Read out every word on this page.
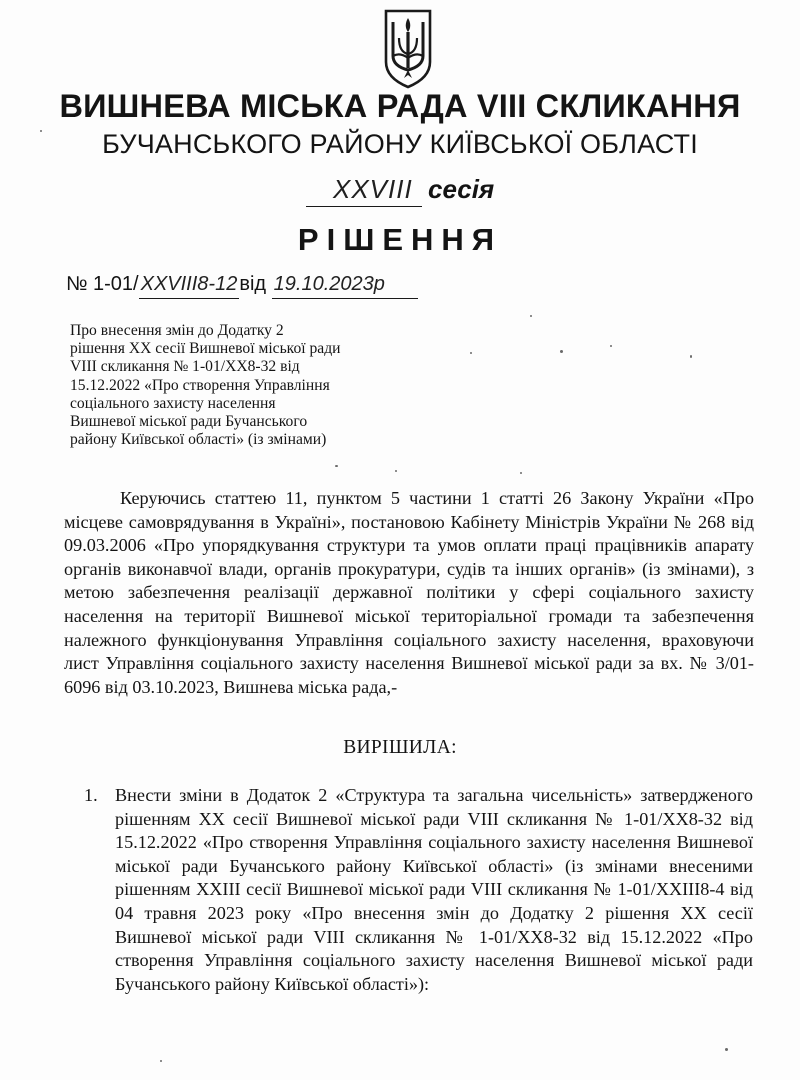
ВИШНЕВА МІСЬКА РАДА VIII СКЛИКАННЯ
БУЧАНСЬКОГО РАЙОНУ КИЇВСЬКОЇ ОБЛАСТІ
XXVIII сесія
РІШЕННЯ
№ 1-01/ XXVIII8-12 від 19.10.2023р
Про внесення змін до Додатку 2
рішення ХХ сесії Вишневої міської ради
VIII скликання № 1-01/ХХ8-32 від
15.12.2022 «Про створення Управління
соціального захисту населення
Вишневої міської ради Бучанського
району Київської області» (із змінами)
Керуючись статтею 11, пунктом 5 частини 1 статті 26 Закону України «Про місцеве самоврядування в Україні», постановою Кабінету Міністрів України № 268 від 09.03.2006 «Про упорядкування структури та умов оплати праці працівників апарату органів виконавчої влади, органів прокуратури, судів та інших органів» (із змінами), з метою забезпечення реалізації державної політики у сфері соціального захисту населення на території Вишневої міської територіальної громади та забезпечення належного функціонування Управління соціального захисту населення, враховуючи лист Управління соціального захисту населення Вишневої міської ради за вх. № 3/01-6096 від 03.10.2023, Вишнева міська рада,-
ВИРІШИЛА:
1. Внести зміни в Додаток 2 «Структура та загальна чисельність» затвердженого рішенням ХХ сесії Вишневої міської ради VIII скликання № 1-01/ХХ8-32 від 15.12.2022 «Про створення Управління соціального захисту населення Вишневої міської ради Бучанського району Київської області» (із змінами внесеними рішенням ХХІІІ сесії Вишневої міської ради VIII скликання № 1-01/ХХІІІ8-4 від 04 травня 2023 року «Про внесення змін до Додатку 2 рішення ХХ сесії Вишневої міської ради VIII скликання № 1-01/ХХ8-32 від 15.12.2022 «Про створення Управління соціального захисту населення Вишневої міської ради Бучанського району Київської області»):
